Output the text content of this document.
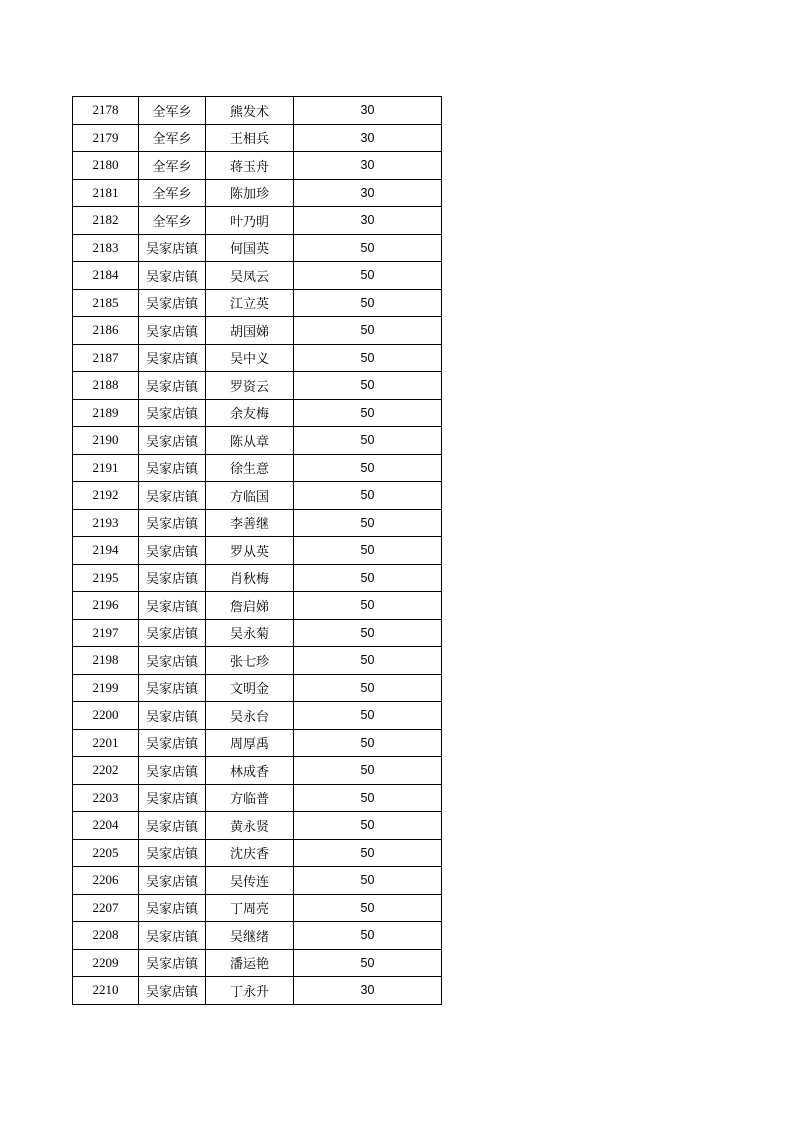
2178	全军乡	熊发术	30
2179	全军乡	王相兵	30
2180	全军乡	蒋玉舟	30
2181	全军乡	陈加珍	30
2182	全军乡	叶乃明	30
2183	吴家店镇	何国英	50
2184	吴家店镇	吴凤云	50
2185	吴家店镇	江立英	50
2186	吴家店镇	胡国娣	50
2187	吴家店镇	吴中义	50
2188	吴家店镇	罗资云	50
2189	吴家店镇	余友梅	50
2190	吴家店镇	陈从章	50
2191	吴家店镇	徐生意	50
2192	吴家店镇	方临国	50
2193	吴家店镇	李善继	50
2194	吴家店镇	罗从英	50
2195	吴家店镇	肖秋梅	50
2196	吴家店镇	詹启娣	50
2197	吴家店镇	吴永菊	50
2198	吴家店镇	张七珍	50
2199	吴家店镇	文明金	50
2200	吴家店镇	吴永台	50
2201	吴家店镇	周厚禹	50
2202	吴家店镇	林成香	50
2203	吴家店镇	方临普	50
2204	吴家店镇	黄永贤	50
2205	吴家店镇	沈庆香	50
2206	吴家店镇	吴传连	50
2207	吴家店镇	丁周亮	50
2208	吴家店镇	吴继绪	50
2209	吴家店镇	潘运艳	50
2210	吴家店镇	丁永升	30
